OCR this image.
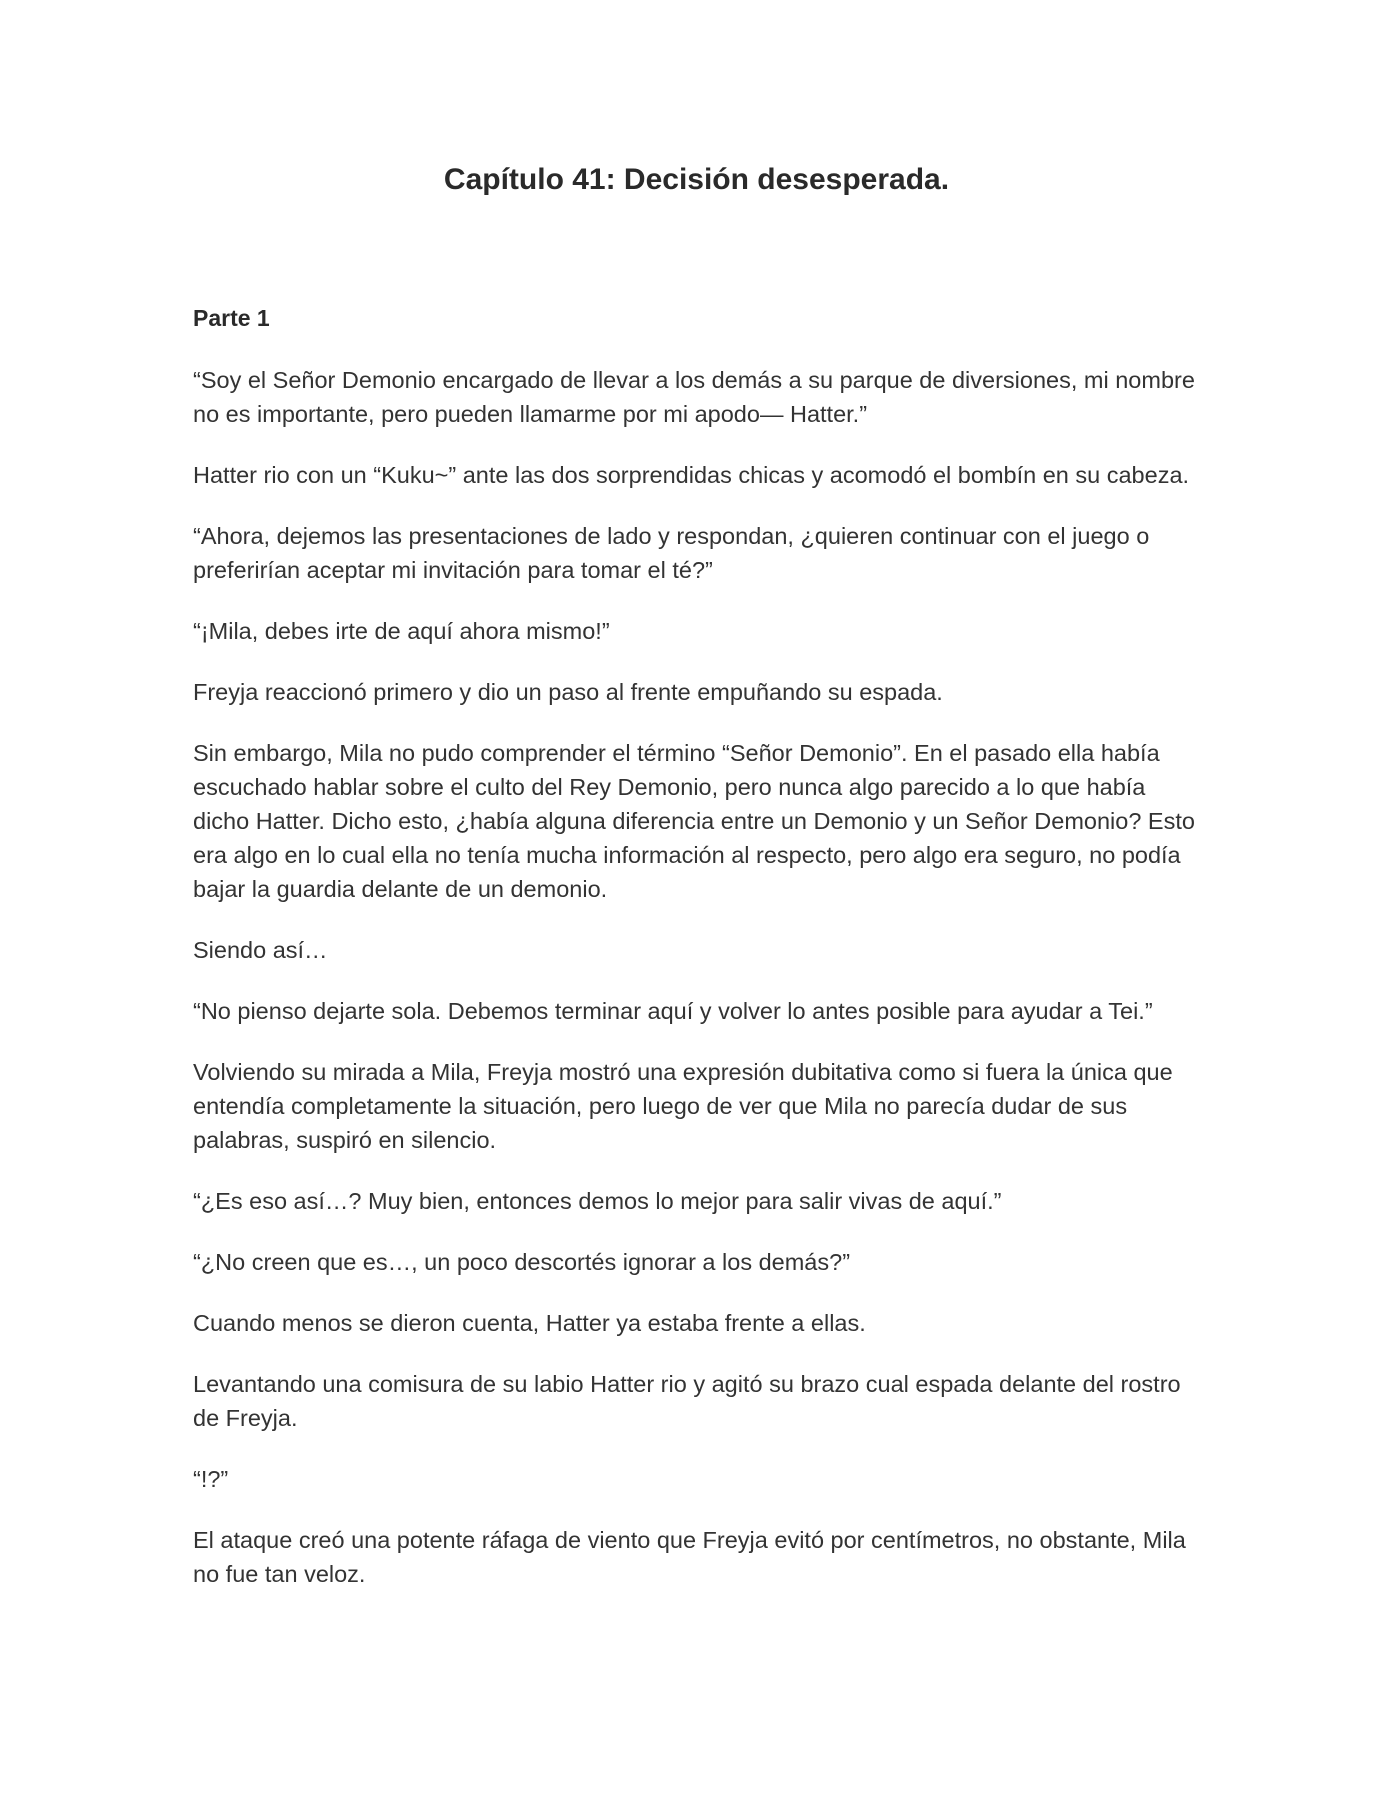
Capítulo 41: Decisión desesperada.
Parte 1

“Soy el Señor Demonio encargado de llevar a los demás a su parque de diversiones, mi nombre no es importante, pero pueden llamarme por mi apodo— Hatter.”

Hatter rio con un “Kuku~” ante las dos sorprendidas chicas y acomodó el bombín en su cabeza.

“Ahora, dejemos las presentaciones de lado y respondan, ¿quieren continuar con el juego o preferirían aceptar mi invitación para tomar el té?”

“¡Mila, debes irte de aquí ahora mismo!”

Freyja reaccionó primero y dio un paso al frente empuñando su espada.

Sin embargo, Mila no pudo comprender el término “Señor Demonio”. En el pasado ella había escuchado hablar sobre el culto del Rey Demonio, pero nunca algo parecido a lo que había dicho Hatter. Dicho esto, ¿había alguna diferencia entre un Demonio y un Señor Demonio? Esto era algo en lo cual ella no tenía mucha información al respecto, pero algo era seguro, no podía bajar la guardia delante de un demonio.

Siendo así…

“No pienso dejarte sola. Debemos terminar aquí y volver lo antes posible para ayudar a Tei.”

Volviendo su mirada a Mila, Freyja mostró una expresión dubitativa como si fuera la única que entendía completamente la situación, pero luego de ver que Mila no parecía dudar de sus palabras, suspiró en silencio.

“¿Es eso así…? Muy bien, entonces demos lo mejor para salir vivas de aquí.”

“¿No creen que es…, un poco descortés ignorar a los demás?”

Cuando menos se dieron cuenta, Hatter ya estaba frente a ellas.

Levantando una comisura de su labio Hatter rio y agitó su brazo cual espada delante del rostro de Freyja.

“!?”

El ataque creó una potente ráfaga de viento que Freyja evitó por centímetros, no obstante, Mila no fue tan veloz.
